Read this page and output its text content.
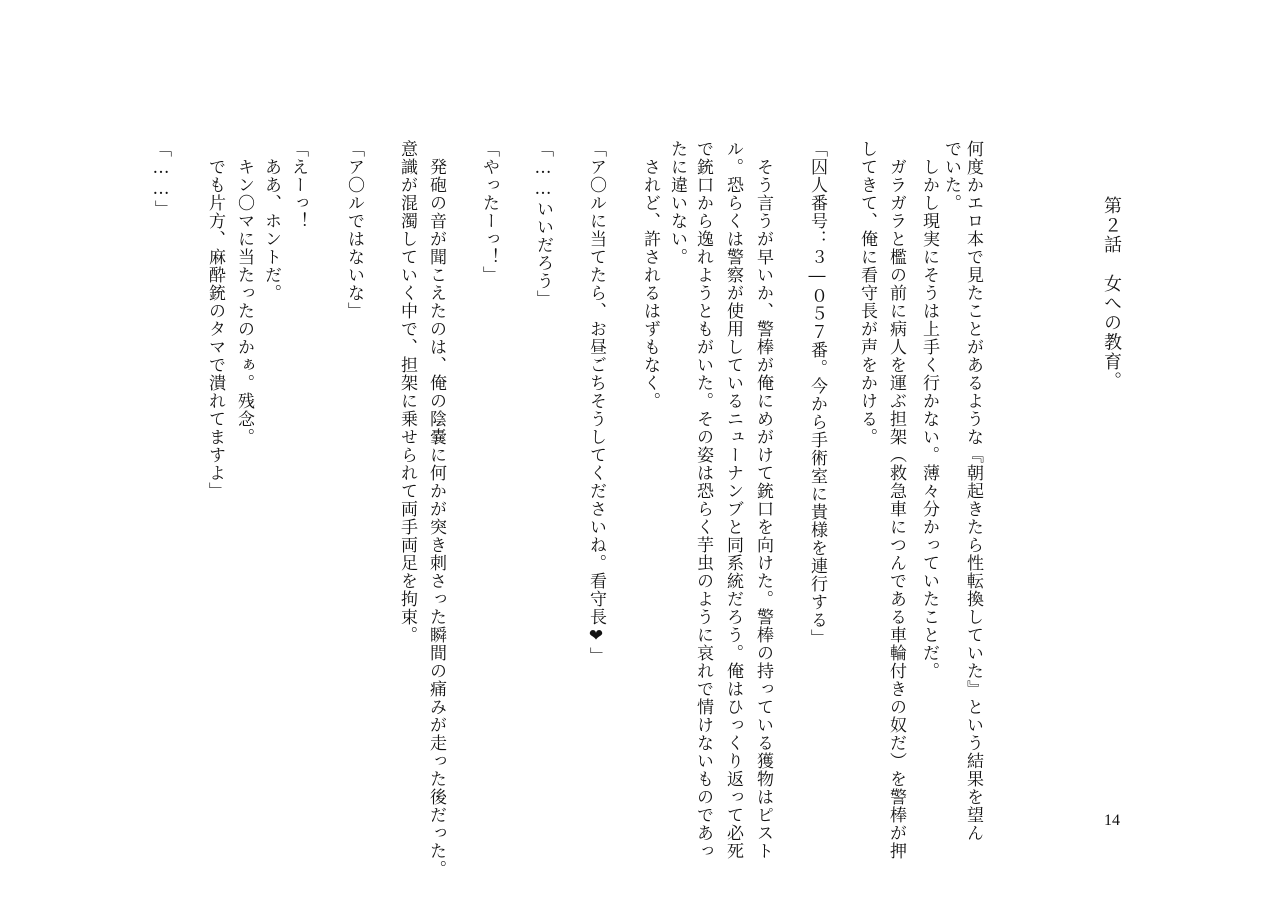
第２話　女への教育。
何度かエロ本で見たことがあるような『朝起きたら性転換していた』という結果を望ん
でいた。
　しかし現実にそうは上手く行かない。薄々分かっていたことだ。
　ガラガラと檻の前に病人を運ぶ担架（救急車につんである車輪付きの奴だ）を警棒が押
してきて、俺に看守長が声をかける。
「囚人番号：３―０５７番。今から手術室に貴様を連行する」
　そう言うが早いか、警棒が俺にめがけて銃口を向けた。警棒の持っている獲物はピスト
ル。恐らくは警察が使用しているニューナンブと同系統だろう。俺はひっくり返って必死
で銃口から逸れようともがいた。その姿は恐らく芋虫のように哀れで情けないものであっ
たに違いない。
　されど、許されるはずもなく。
「ア〇ルに当てたら、お昼ごちそうしてくださいね。看守長❤」
「……いいだろう」
「やったーっ！」
　発砲の音が聞こえたのは、俺の陰嚢に何かが突き刺さった瞬間の痛みが走った後だった。
意識が混濁していく中で、担架に乗せられて両手両足を拘束。
「ア〇ルではないな」
「えーっ！
　ああ、ホントだ。
　キン〇マに当たったのかぁ。残念。
　でも片方、麻酔銃のタマで潰れてますよ」
「……」
14
